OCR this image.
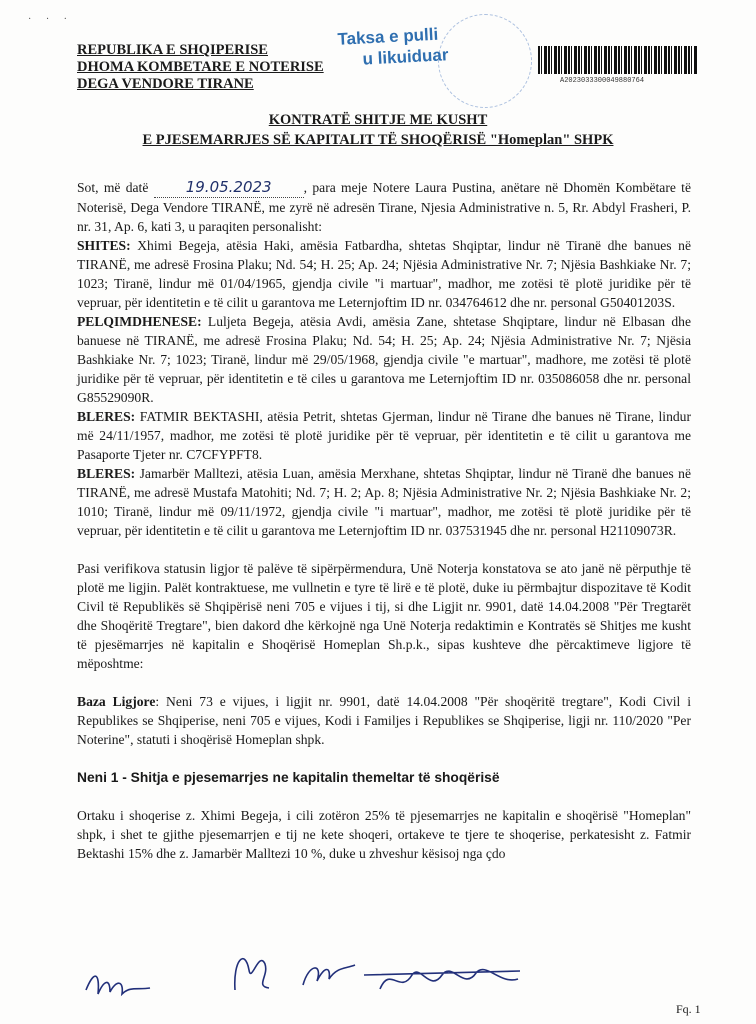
· · ·
REPUBLIKA E SHQIPERISE
DHOMA KOMBETARE E NOTERISE
DEGA VENDORE TIRANE
Taksa e pulli
u likuiduar
A2023033300049880764
KONTRATË SHITJE ME KUSHT
E PJESEMARRJES SË KAPITALIT TË SHOQËRISË "Homeplan" SHPK

Sot, më datë 19.05.2023 , para meje Notere Laura Pustina, anëtare në Dhomën Kombëtare të Noterisë, Dega Vendore TIRANË, me zyrë në adresën Tirane, Njesia Administrative n. 5, Rr. Abdyl Frasheri, P. nr. 31, Ap. 6, kati 3, u paraqiten personalisht:

SHITES: Xhimi Begeja, atësia Haki, amësia Fatbardha, shtetas Shqiptar, lindur në Tiranë dhe banues në TIRANË, me adresë Frosina Plaku; Nd. 54; H. 25; Ap. 24; Njësia Administrative Nr. 7; Njësia Bashkiake Nr. 7; 1023; Tiranë, lindur më 01/04/1965, gjendja civile "i martuar", madhor, me zotësi të plotë juridike për të vepruar, për identitetin e të cilit u garantova me Leternjoftim ID nr. 034764612 dhe nr. personal G50401203S.

PELQIMDHENESE: Luljeta Begeja, atësia Avdi, amësia Zane, shtetase Shqiptare, lindur në Elbasan dhe banuese në TIRANË, me adresë Frosina Plaku; Nd. 54; H. 25; Ap. 24; Njësia Administrative Nr. 7; Njësia Bashkiake Nr. 7; 1023; Tiranë, lindur më 29/05/1968, gjendja civile "e martuar", madhore, me zotësi të plotë juridike për të vepruar, për identitetin e të ciles u garantova me Leternjoftim ID nr. 035086058 dhe nr. personal G85529090R.

BLERES: FATMIR BEKTASHI, atësia Petrit, shtetas Gjerman, lindur në Tirane dhe banues në Tirane, lindur më 24/11/1957, madhor, me zotësi të plotë juridike për të vepruar, për identitetin e të cilit u garantova me Pasaporte Tjeter nr. C7CFYPFT8.

BLERES: Jamarbër Malltezi, atësia Luan, amësia Merxhane, shtetas Shqiptar, lindur në Tiranë dhe banues në TIRANË, me adresë Mustafa Matohiti; Nd. 7; H. 2; Ap. 8; Njësia Administrative Nr. 2; Njësia Bashkiake Nr. 2; 1010; Tiranë, lindur më 09/11/1972, gjendja civile "i martuar", madhor, me zotësi të plotë juridike për të vepruar, për identitetin e të cilit u garantova me Leternjoftim ID nr. 037531945 dhe nr. personal H21109073R.

Pasi verifikova statusin ligjor të palëve të sipërpërmendura, Unë Noterja konstatova se ato janë në përputhje të plotë me ligjin. Palët kontraktuese, me vullnetin e tyre të lirë e të plotë, duke iu përmbajtur dispozitave të Kodit Civil të Republikës së Shqipërisë neni 705 e vijues i tij, si dhe Ligjit nr. 9901, datë 14.04.2008 "Për Tregtarët dhe Shoqëritë Tregtare", bien dakord dhe kërkojnë nga Unë Noterja redaktimin e Kontratës së Shitjes me kusht të pjesëmarrjes në kapitalin e Shoqërisë Homeplan Sh.p.k., sipas kushteve dhe përcaktimeve ligjore të mëposhtme:

Baza Ligjore: Neni 73 e vijues, i ligjit nr. 9901, datë 14.04.2008 "Për shoqëritë tregtare", Kodi Civil i Republikes se Shqiperise, neni 705 e vijues, Kodi i Familjes i Republikes se Shqiperise, ligji nr. 110/2020 "Per Noterine", statuti i shoqërisë Homeplan shpk.

Neni 1 - Shitja e pjesemarrjes ne kapitalin themeltar të shoqërisë

Ortaku i shoqerise z. Xhimi Begeja, i cili zotëron 25% të pjesemarrjes ne kapitalin e shoqërisë "Homeplan" shpk, i shet te gjithe pjesemarrjen e tij ne kete shoqeri, ortakeve te tjere te shoqerise, perkatesisht z. Fatmir Bektashi 15% dhe z. Jamarbër Malltezi 10 %, duke u zhveshur kësisoj nga çdo

Fq. 1
